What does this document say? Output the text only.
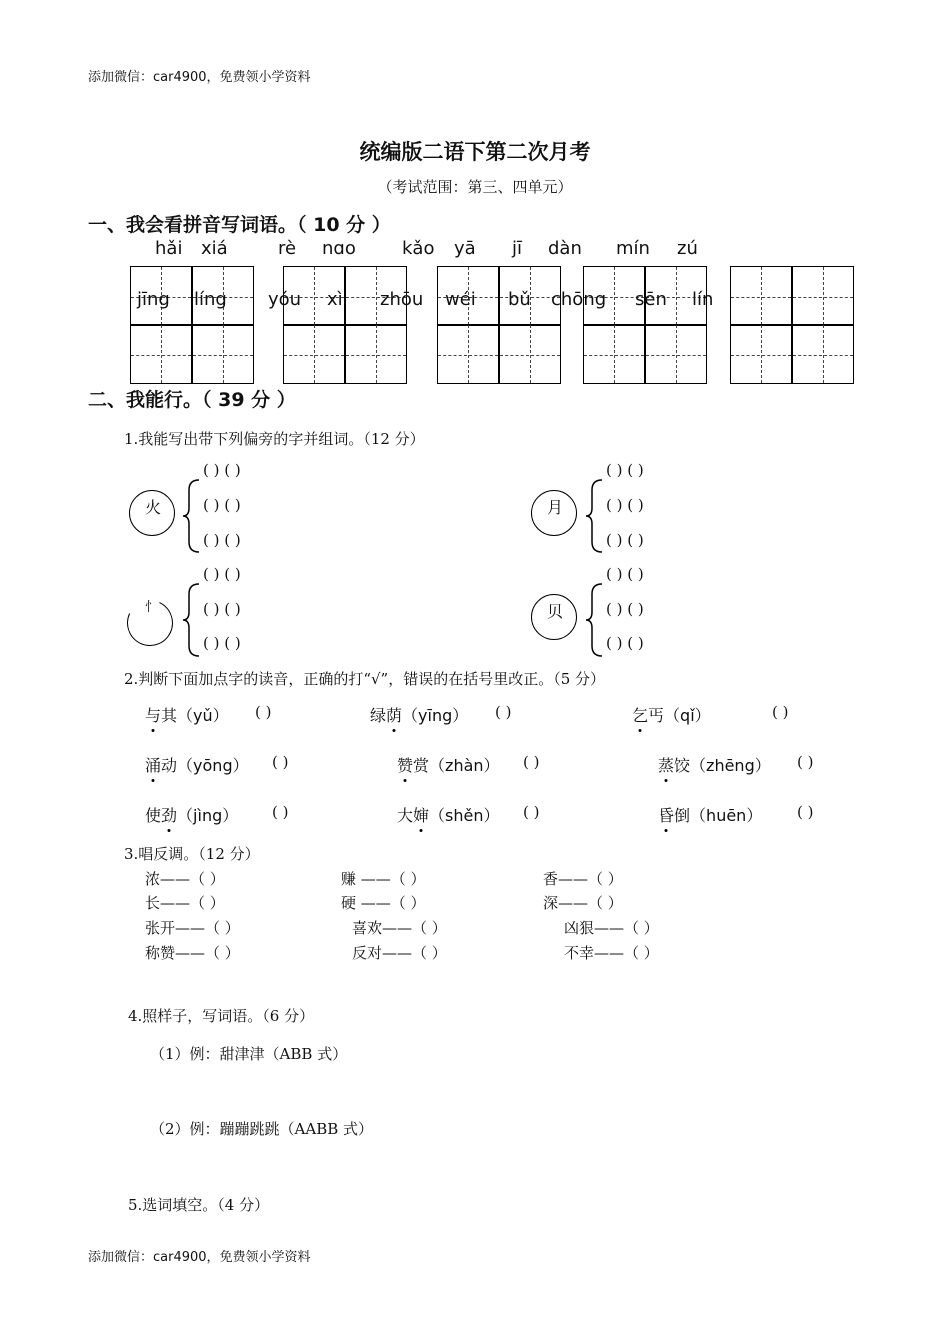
添加微信：car4900，免费领小学资料
统编版二语下第二次月考
（考试范围：第三、四单元）
一、我会看拼音写词语。（ 10 分 ）
hǎi xiá	rè nɑo	kǎo yā jī dàn mín zú
jīng líng yóu xì zhōu wéi bǔ chōng sēn lín
二、我能行。（ 39 分 ）
1.我能写出带下列偏旁的字并组词。（12 分）
火
( ) ( )
( ) ( )
( ) ( )
月
( ) ( )
( ) ( )
( ) ( )
忄
( ) ( )
( ) ( )
( ) ( )
贝
( ) ( )
( ) ( )
( ) ( )
2.判断下面加点字的读音，正确的打“√”，错误的在括号里改正。（5 分）
与其（yǔ） ( )	绿荫（yīng） ( )	乞丐（qǐ）	( )
涌动（yōng） ( )	赞赏（zhàn） ( )	蒸饺（zhēng） ( )
使劲（jìng） ( )	大婶（shěn） ( )	昏倒（huēn） ( )
3.唱反调。（12 分）
浓——（ ）	赚 ——（ ）	香——（ ）
长——（ ）	硬 ——（ ）	深——（ ）
张开——（ ）	喜欢——（ ）	凶狠——（ ）
称赞——（ ）	反对——（ ）	不幸——（ ）
4.照样子，写词语。（6 分）
（1）例：甜津津（ABB 式）
（2）例：蹦蹦跳跳（AABB 式）
5.选词填空。（4 分）
添加微信：car4900，免费领小学资料
